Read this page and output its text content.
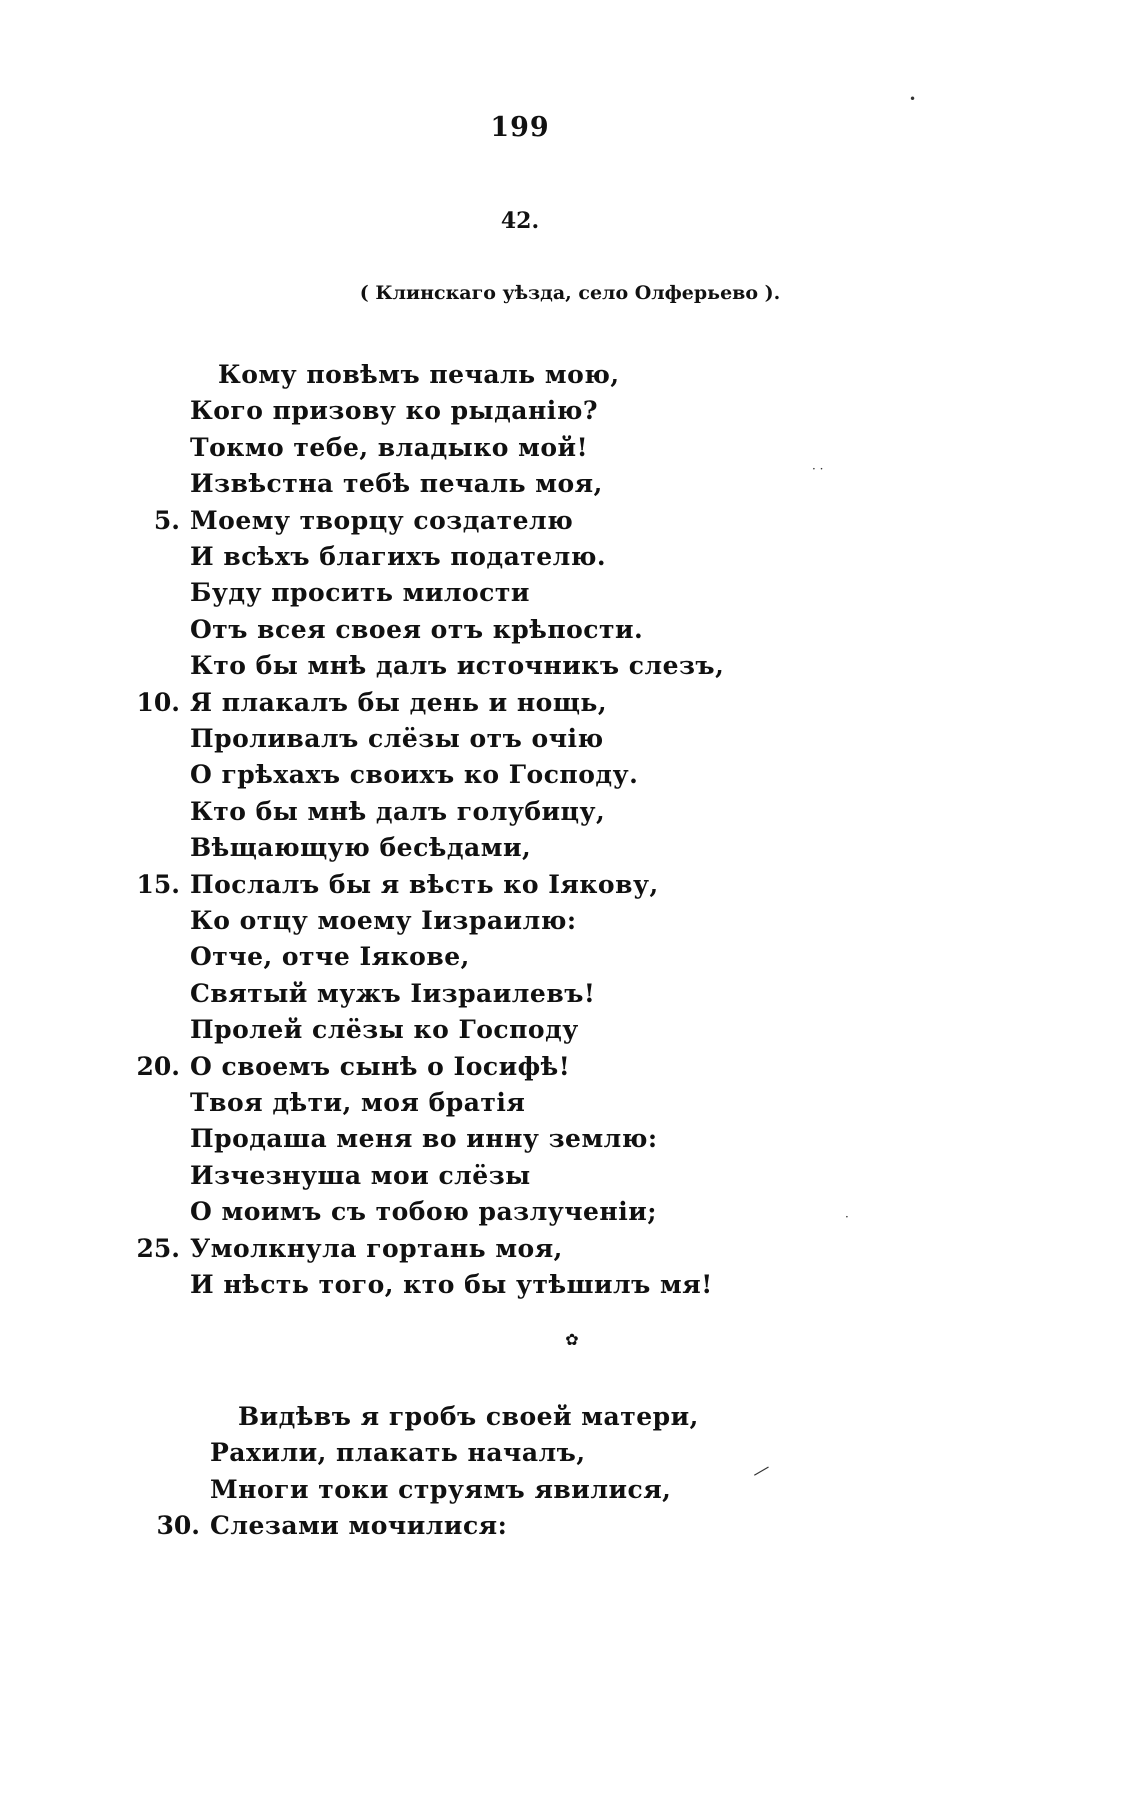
199
42.
( Клинскаго уѣзда, село Олферьево ).
Кому повѣмъ печаль мою,
Кого призову ко рыданію?
Токмо тебе, владыко мой!
Извѣстна тебѣ печаль моя,
Моему творцу создателю
5.
И всѣхъ благихъ подателю.
Буду просить милости
Отъ всея своея отъ крѣпости.
Кто бы мнѣ далъ источникъ слезъ,
Я плакалъ бы день и нощь,
10.
Проливалъ слёзы отъ очію
О грѣхахъ своихъ ко Господу.
Кто бы мнѣ далъ голубицу,
Вѣщающую бесѣдами,
Послалъ бы я вѣсть ко Іякову,
15.
Ко отцу моему Іизраилю:
Отче, отче Іякове,
Святый мужъ Іизраилевъ!
Пролей слёзы ко Господу
О своемъ сынѣ о Іосифѣ!
20.
Твоя дѣти, моя братія
Продаша меня во инну землю:
Изчезнуша мои слёзы
О моимъ съ тобою разлученіи;
Умолкнула гортань моя,
25.
И нѣсть того, кто бы утѣшилъ мя!
✿
Видѣвъ я гробъ своей матери,
Рахили, плакать началъ,
Многи токи струямъ явилися,
Слезами мочилися:
30.
•
· ·
·
—
